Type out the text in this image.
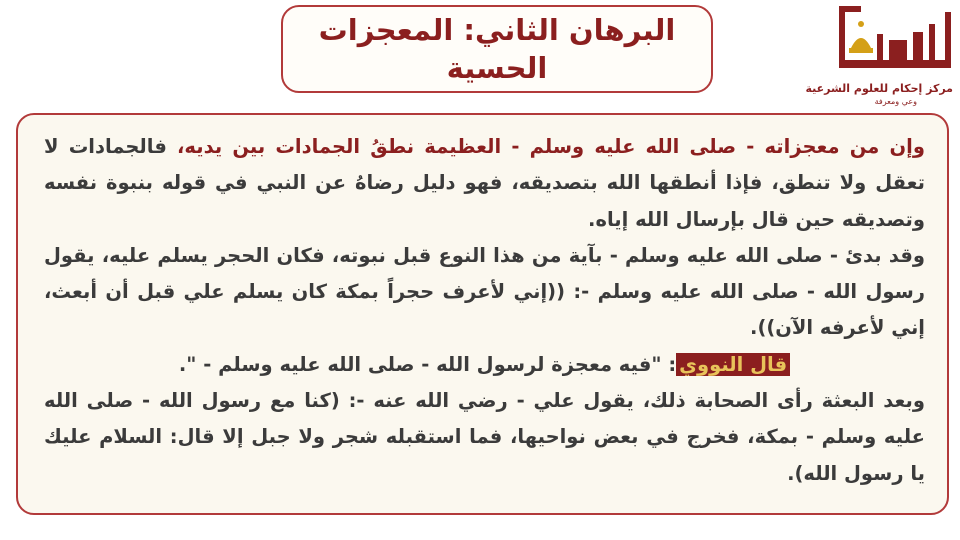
البرهان الثاني: المعجزات الحسية
مركز إحكام للعلوم الشرعية
وعي ومعرفة

وإن من معجزاته - صلى الله عليه وسلم - العظيمة نطقُ الجمادات بين يديه، فالجمادات لا تعقل ولا تنطق، فإذا أنطقها الله بتصديقه، فهو دليل رضاهُ عن النبي في قوله بنبوة نفسه وتصديقه حين قال بإرسال الله إياه.

وقد بدئ - صلى الله عليه وسلم - بآية من هذا النوع قبل نبوته، فكان الحجر يسلم عليه، يقول رسول الله - صلى الله عليه وسلم -: ((إني لأعرف حجراً بمكة كان يسلم علي قبل أن أبعث، إني لأعرفه الآن)).

قال النووي: "فيه معجزة لرسول الله - صلى الله عليه وسلم - ".

وبعد البعثة رأى الصحابة ذلك، يقول علي - رضي الله عنه -: (كنا مع رسول الله - صلى الله عليه وسلم - بمكة، فخرج في بعض نواحيها، فما استقبله شجر ولا جبل إلا قال: السلام عليك يا رسول الله).
